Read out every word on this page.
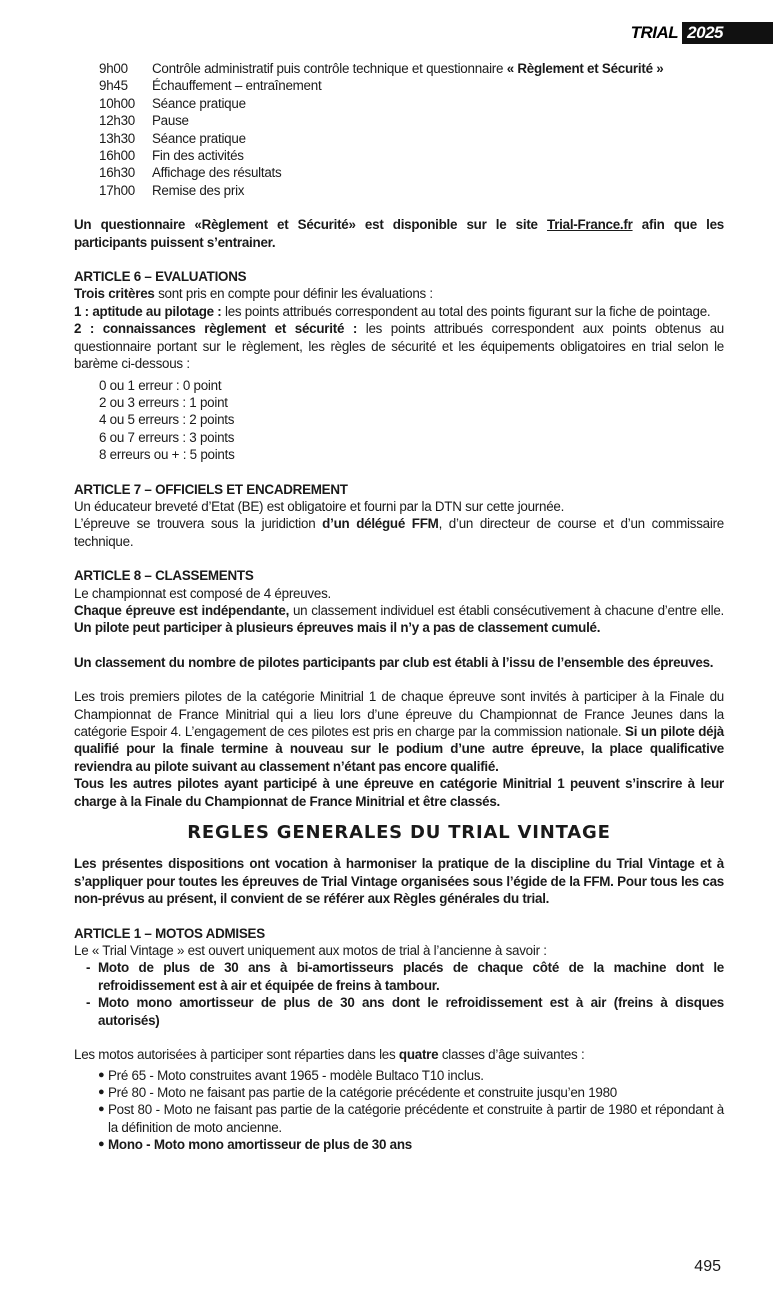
TRIAL 2025
9h00	Contrôle administratif puis contrôle technique et questionnaire « Règlement et Sécurité »
9h45	Échauffement – entraînement
10h00	Séance pratique
12h30	Pause
13h30	Séance pratique
16h00	Fin des activités
16h30	Affichage des résultats
17h00	Remise des prix

Un questionnaire «Règlement et Sécurité» est disponible sur le site Trial-France.fr afin que les participants puissent s’entrainer.

ARTICLE 6 – EVALUATIONS

Trois critères sont pris en compte pour définir les évaluations :

1 : aptitude au pilotage : les points attribués correspondent au total des points figurant sur la fiche de pointage.

2 : connaissances règlement et sécurité : les points attribués correspondent aux points obtenus au questionnaire portant sur le règlement, les règles de sécurité et les équipements obligatoires en trial selon le barème ci-dessous :

0 ou 1 erreur : 0 point

2 ou 3 erreurs : 1 point

4 ou 5 erreurs : 2 points

6 ou 7 erreurs : 3 points

8 erreurs ou + : 5 points

ARTICLE 7 – OFFICIELS ET ENCADREMENT

Un éducateur breveté d’Etat (BE) est obligatoire et fourni par la DTN sur cette journée.

L’épreuve se trouvera sous la juridiction d’un délégué FFM, d’un directeur de course et d’un commissaire technique.

ARTICLE 8 – CLASSEMENTS

Le championnat est composé de 4 épreuves.

Chaque épreuve est indépendante, un classement individuel est établi consécutivement à chacune d’entre elle. Un pilote peut participer à plusieurs épreuves mais il n’y a pas de classement cumulé.

Un classement du nombre de pilotes participants par club est établi à l’issu de l’ensemble des épreuves.

Les trois premiers pilotes de la catégorie Minitrial 1 de chaque épreuve sont invités à participer à la Finale du Championnat de France Minitrial qui a lieu lors d’une épreuve du Championnat de France Jeunes dans la catégorie Espoir 4. L’engagement de ces pilotes est pris en charge par la commission nationale. Si un pilote déjà qualifié pour la finale termine à nouveau sur le podium d’une autre épreuve, la place qualificative reviendra au pilote suivant au classement n’étant pas encore qualifié.

Tous les autres pilotes ayant participé à une épreuve en catégorie Minitrial 1 peuvent s’inscrire à leur charge à la Finale du Championnat de France Minitrial et être classés.

REGLES GENERALES DU TRIAL VINTAGE

Les présentes dispositions ont vocation à harmoniser la pratique de la discipline du Trial Vintage et à s’appliquer pour toutes les épreuves de Trial Vintage organisées sous l’égide de la FFM. Pour tous les cas non-prévus au présent, il convient de se référer aux Règles générales du trial.

ARTICLE 1 – MOTOS ADMISES

Le « Trial Vintage » est ouvert uniquement aux motos de trial à l’ancienne à savoir :

- Moto de plus de 30 ans à bi-amortisseurs placés de chaque côté de la machine dont le refroidissement est à air et équipée de freins à tambour.
- Moto mono amortisseur de plus de 30 ans dont le refroidissement est à air (freins à disques autorisés)

Les motos autorisées à participer sont réparties dans les quatre classes d’âge suivantes :

● Pré 65 - Moto construites avant 1965 - modèle Bultaco T10 inclus.
● Pré 80 - Moto ne faisant pas partie de la catégorie précédente et construite jusqu’en 1980
● Post 80 - Moto ne faisant pas partie de la catégorie précédente et construite à partir de 1980 et répondant à la définition de moto ancienne.
● Mono - Moto mono amortisseur de plus de 30 ans
495
